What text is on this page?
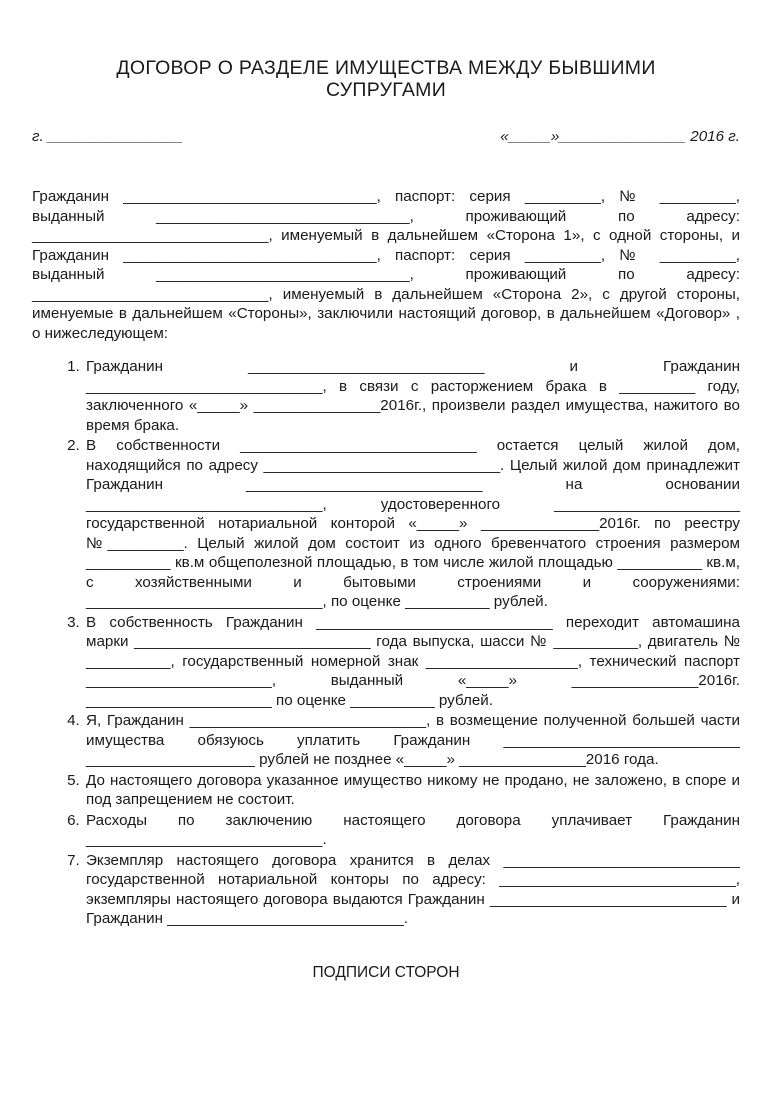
ДОГОВОР О РАЗДЕЛЕ ИМУЩЕСТВА МЕЖДУ БЫВШИМИ
СУПРУГАМИ
г. ________________	«_____»_______________ 2016 г.

Гражданин ______________________________, паспорт: серия _________, № _________, выданный ______________________________, проживающий по адресу: ____________________________, именуемый в дальнейшем «Сторона 1», с одной стороны, и Гражданин ______________________________, паспорт: серия _________, № _________, выданный ______________________________, проживающий по адресу: ____________________________, именуемый в дальнейшем «Сторона 2», с другой стороны, именуемые в дальнейшем «Стороны», заключили настоящий договор, в дальнейшем «Договор» , о нижеследующем:

1. Гражданин ____________________________ и Гражданин ____________________________, в связи с расторжением брака в _________ году, заключенного «_____» _______________2016г., произвели раздел имущества, нажитого во время брака.
2. В собственности ____________________________ остается целый жилой дом, находящийся по адресу ____________________________. Целый жилой дом принадлежит Гражданин ____________________________ на основании ____________________________, удостоверенного ______________________ государственной нотариальной конторой «_____» ______________2016г. по реестру №_________. Целый жилой дом состоит из одного бревенчатого строения размером __________ кв.м общеполезной площадью, в том числе жилой площадью __________ кв.м, с хозяйственными и бытовыми строениями и сооружениями: ____________________________, по оценке __________ рублей.
3. В собственность Гражданин ____________________________ переходит автомашина марки ____________________________ года выпуска, шасси № __________, двигатель № __________, государственный номерной знак __________________, технический паспорт ______________________, выданный «_____» _______________2016г. ______________________ по оценке __________ рублей.
4. Я, Гражданин ____________________________, в возмещение полученной большей части имущества обязуюсь уплатить Гражданин ____________________________ ____________________ рублей не позднее «_____» _______________2016 года.
5. До настоящего договора указанное имущество никому не продано, не заложено, в споре и под запрещением не состоит.
6. Расходы по заключению настоящего договора уплачивает Гражданин ____________________________.
7. Экземпляр настоящего договора хранится в делах ____________________________ государственной нотариальной конторы по адресу: ____________________________, экземпляры настоящего договора выдаются Гражданин ____________________________ и Гражданин ____________________________.
ПОДПИСИ СТОРОН
